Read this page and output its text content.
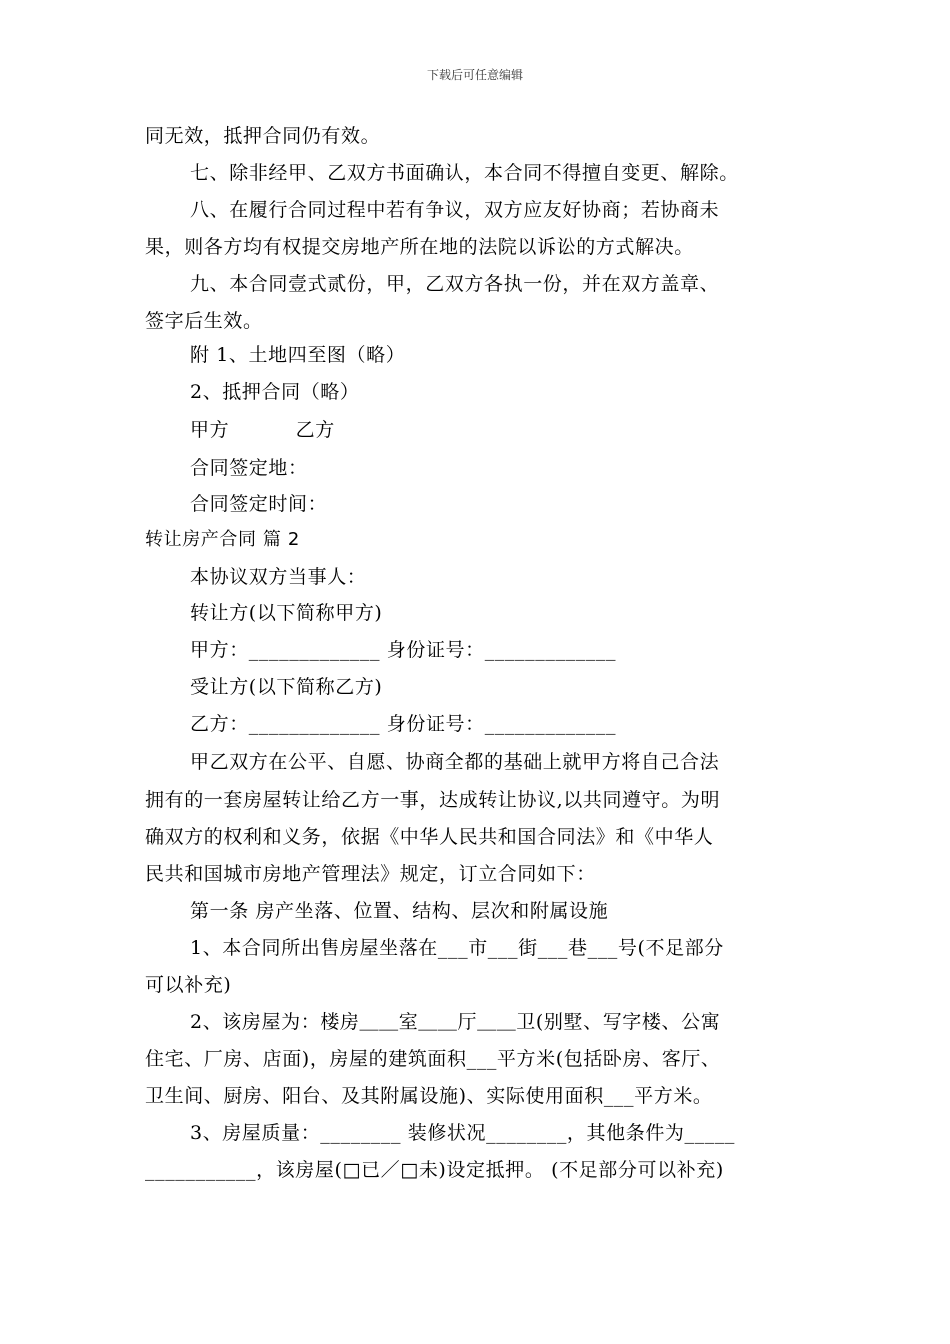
下载后可任意编辑
同无效，抵押合同仍有效。
七、除非经甲、乙双方书面确认，本合同不得擅自变更、解除。
八、在履行合同过程中若有争议，双方应友好协商；若协商未
果，则各方均有权提交房地产所在地的法院以诉讼的方式解决。
九、本合同壹式贰份，甲，乙双方各执一份，并在双方盖章、
签字后生效。
附 1、土地四至图（略）
2、抵押合同（略）
甲方          乙方
合同签定地：
合同签定时间：
转让房产合同 篇 2
本协议双方当事人：
转让方(以下简称甲方)
甲方：_____________ 身份证号：_____________
受让方(以下简称乙方)
乙方：_____________ 身份证号：_____________
甲乙双方在公平、自愿、协商全都的基础上就甲方将自己合法
拥有的一套房屋转让给乙方一事，达成转让协议,以共同遵守。为明
确双方的权利和义务，依据《中华人民共和国合同法》和《中华人
民共和国城市房地产管理法》规定，订立合同如下：
第一条 房产坐落、位置、结构、层次和附属设施
1、本合同所出售房屋坐落在___市___街___巷___号(不足部分
可以补充)
2、该房屋为：楼房＿＿室＿＿厅＿＿卫(别墅、写字楼、公寓
住宅、厂房、店面)，房屋的建筑面积___平方米(包括卧房、客厅、
卫生间、厨房、阳台、及其附属设施)、实际使用面积___平方米。
3、房屋质量：________ 装修状况________，其他条件为_____
___________，该房屋(□已／□未)设定抵押。 (不足部分可以补充)
